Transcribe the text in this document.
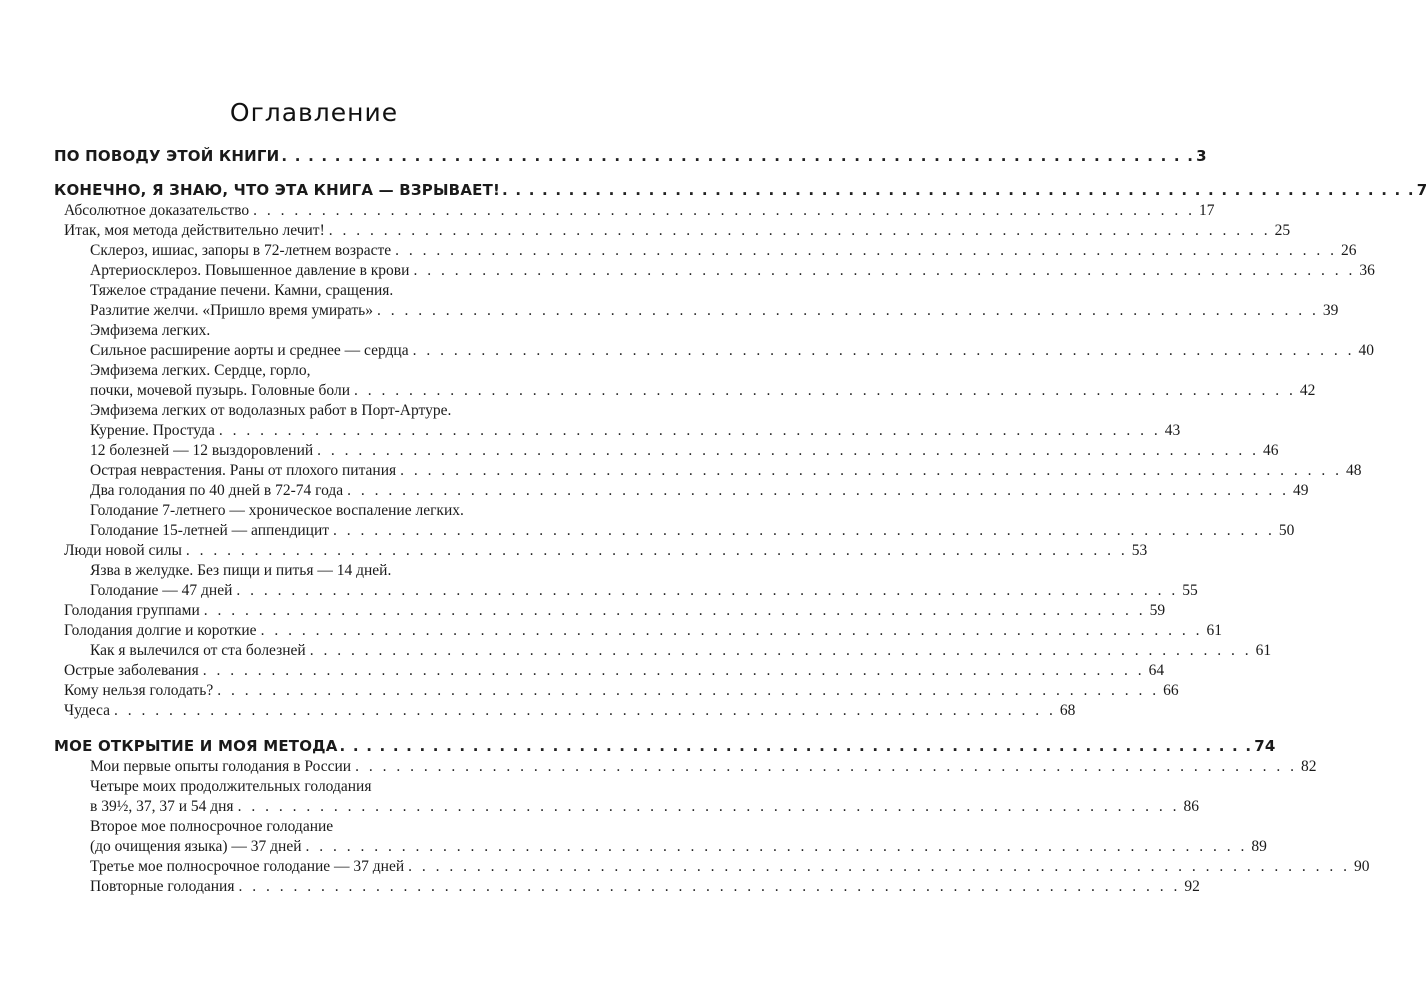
Оглавление
ПО ПОВОДУ ЭТОЙ КНИГИ . . . . . . . . . . . . . . . . . . . . . . . . . . . . . . . . . . . . . . . . . . . . . . . . . . . . . . . . . . . . . . . . . . . . . 3
КОНЕЧНО, Я ЗНАЮ, ЧТО ЭТА КНИГА — ВЗРЫВАЕТ! . . . . . . . . . . . . . . . . . . . . . . . . . . . . . . . . . . . . . . . . . . . . . . . . . . . . . . . . . . . . . . . . . . . . . 7
Абсолютное доказательство . . . . . . . . . . . . . . . . . . . . . . . . . . . . . . . . . . . . . . . . . . . . . . . . . . . . . . . . . . . . . . . . . . . . . 17
Итак, моя метода действительно лечит! . . . . . . . . . . . . . . . . . . . . . . . . . . . . . . . . . . . . . . . . . . . . . . . . . . . . . . . . . . . . . . . . . . . . . 25
Склероз, ишиас, запоры в 72-летнем возрасте . . . . . . . . . . . . . . . . . . . . . . . . . . . . . . . . . . . . . . . . . . . . . . . . . . . . . . . . . . . . . . . . . . . . . 26
Артериосклероз. Повышенное давление в крови . . . . . . . . . . . . . . . . . . . . . . . . . . . . . . . . . . . . . . . . . . . . . . . . . . . . . . . . . . . . . . . . . . . . . 36
Тяжелое страдание печени. Камни, сращения.
Разлитие желчи. «Пришло время умирать» . . . . . . . . . . . . . . . . . . . . . . . . . . . . . . . . . . . . . . . . . . . . . . . . . . . . . . . . . . . . . . . . . . . . . 39
Эмфизема легких.
Сильное расширение аорты и среднее — сердца . . . . . . . . . . . . . . . . . . . . . . . . . . . . . . . . . . . . . . . . . . . . . . . . . . . . . . . . . . . . . . . . . . . . . 40
Эмфизема легких. Сердце, горло,
почки, мочевой пузырь. Головные боли . . . . . . . . . . . . . . . . . . . . . . . . . . . . . . . . . . . . . . . . . . . . . . . . . . . . . . . . . . . . . . . . . . . . . 42
Эмфизема легких от водолазных работ в Порт-Артуре.
Курение. Простуда . . . . . . . . . . . . . . . . . . . . . . . . . . . . . . . . . . . . . . . . . . . . . . . . . . . . . . . . . . . . . . . . . . . . . 43
12 болезней — 12 выздоровлений . . . . . . . . . . . . . . . . . . . . . . . . . . . . . . . . . . . . . . . . . . . . . . . . . . . . . . . . . . . . . . . . . . . . . 46
Острая неврастения. Раны от плохого питания . . . . . . . . . . . . . . . . . . . . . . . . . . . . . . . . . . . . . . . . . . . . . . . . . . . . . . . . . . . . . . . . . . . . . 48
Два голодания по 40 дней в 72-74 года . . . . . . . . . . . . . . . . . . . . . . . . . . . . . . . . . . . . . . . . . . . . . . . . . . . . . . . . . . . . . . . . . . . . . 49
Голодание 7-летнего — хроническое воспаление легких.
Голодание 15-летней — аппендицит . . . . . . . . . . . . . . . . . . . . . . . . . . . . . . . . . . . . . . . . . . . . . . . . . . . . . . . . . . . . . . . . . . . . . 50
Люди новой силы . . . . . . . . . . . . . . . . . . . . . . . . . . . . . . . . . . . . . . . . . . . . . . . . . . . . . . . . . . . . . . . . . . . . . 53
Язва в желудке. Без пищи и питья — 14 дней.
Голодание — 47 дней . . . . . . . . . . . . . . . . . . . . . . . . . . . . . . . . . . . . . . . . . . . . . . . . . . . . . . . . . . . . . . . . . . . . . 55
Голодания группами . . . . . . . . . . . . . . . . . . . . . . . . . . . . . . . . . . . . . . . . . . . . . . . . . . . . . . . . . . . . . . . . . . . . . 59
Голодания долгие и короткие . . . . . . . . . . . . . . . . . . . . . . . . . . . . . . . . . . . . . . . . . . . . . . . . . . . . . . . . . . . . . . . . . . . . . 61
Как я вылечился от ста болезней . . . . . . . . . . . . . . . . . . . . . . . . . . . . . . . . . . . . . . . . . . . . . . . . . . . . . . . . . . . . . . . . . . . . . 61
Острые заболевания . . . . . . . . . . . . . . . . . . . . . . . . . . . . . . . . . . . . . . . . . . . . . . . . . . . . . . . . . . . . . . . . . . . . . 64
Кому нельзя голодать? . . . . . . . . . . . . . . . . . . . . . . . . . . . . . . . . . . . . . . . . . . . . . . . . . . . . . . . . . . . . . . . . . . . . . 66
Чудеса . . . . . . . . . . . . . . . . . . . . . . . . . . . . . . . . . . . . . . . . . . . . . . . . . . . . . . . . . . . . . . . . . . . . . 68
МОЕ ОТКРЫТИЕ И МОЯ МЕТОДА . . . . . . . . . . . . . . . . . . . . . . . . . . . . . . . . . . . . . . . . . . . . . . . . . . . . . . . . . . . . . . . . . . . . . 74
Мои первые опыты голодания в России . . . . . . . . . . . . . . . . . . . . . . . . . . . . . . . . . . . . . . . . . . . . . . . . . . . . . . . . . . . . . . . . . . . . . 82
Четыре моих продолжительных голодания
в 39½, 37, 37 и 54 дня . . . . . . . . . . . . . . . . . . . . . . . . . . . . . . . . . . . . . . . . . . . . . . . . . . . . . . . . . . . . . . . . . . . . . 86
Второе мое полносрочное голодание
(до очищения языка) — 37 дней . . . . . . . . . . . . . . . . . . . . . . . . . . . . . . . . . . . . . . . . . . . . . . . . . . . . . . . . . . . . . . . . . . . . . 89
Третье мое полносрочное голодание — 37 дней . . . . . . . . . . . . . . . . . . . . . . . . . . . . . . . . . . . . . . . . . . . . . . . . . . . . . . . . . . . . . . . . . . . . . 90
Повторные голодания . . . . . . . . . . . . . . . . . . . . . . . . . . . . . . . . . . . . . . . . . . . . . . . . . . . . . . . . . . . . . . . . . . . . . 92
